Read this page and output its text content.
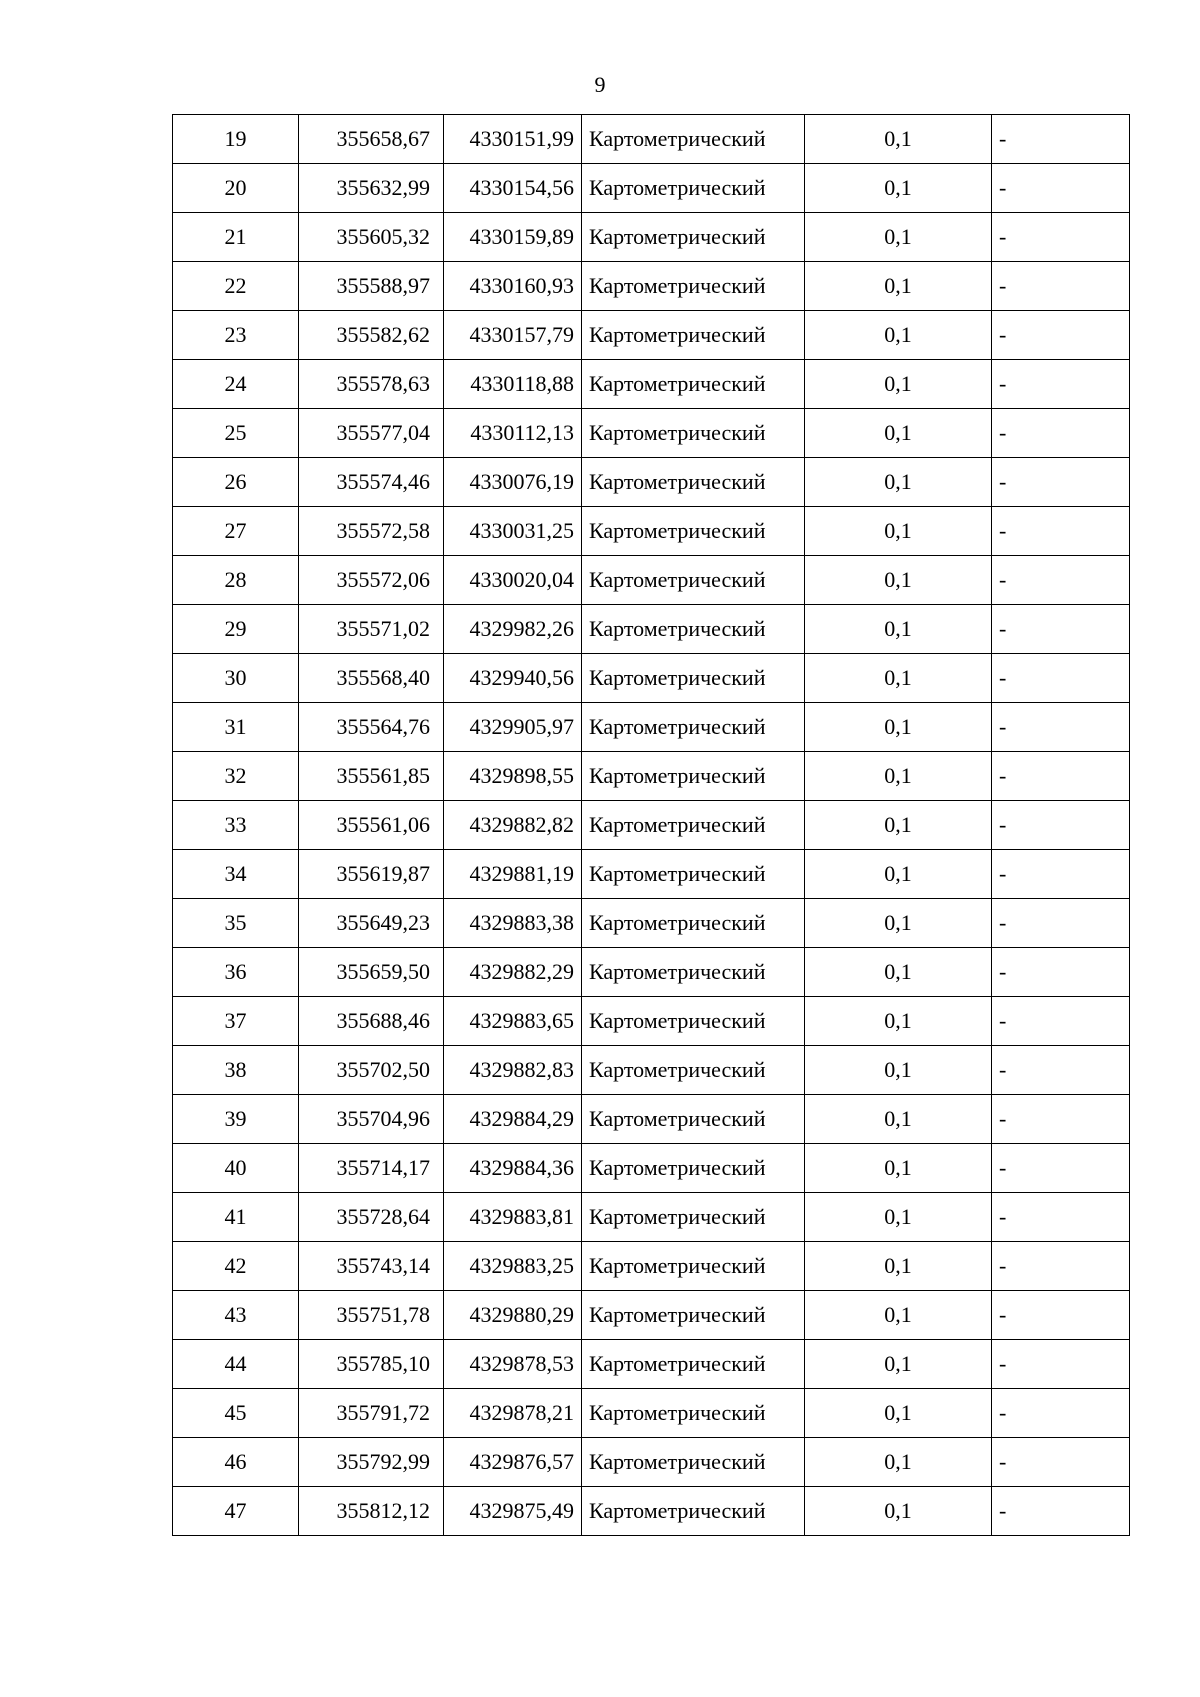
9
19	355658,67	4330151,99	Картометрический	0,1	-
20	355632,99	4330154,56	Картометрический	0,1	-
21	355605,32	4330159,89	Картометрический	0,1	-
22	355588,97	4330160,93	Картометрический	0,1	-
23	355582,62	4330157,79	Картометрический	0,1	-
24	355578,63	4330118,88	Картометрический	0,1	-
25	355577,04	4330112,13	Картометрический	0,1	-
26	355574,46	4330076,19	Картометрический	0,1	-
27	355572,58	4330031,25	Картометрический	0,1	-
28	355572,06	4330020,04	Картометрический	0,1	-
29	355571,02	4329982,26	Картометрический	0,1	-
30	355568,40	4329940,56	Картометрический	0,1	-
31	355564,76	4329905,97	Картометрический	0,1	-
32	355561,85	4329898,55	Картометрический	0,1	-
33	355561,06	4329882,82	Картометрический	0,1	-
34	355619,87	4329881,19	Картометрический	0,1	-
35	355649,23	4329883,38	Картометрический	0,1	-
36	355659,50	4329882,29	Картометрический	0,1	-
37	355688,46	4329883,65	Картометрический	0,1	-
38	355702,50	4329882,83	Картометрический	0,1	-
39	355704,96	4329884,29	Картометрический	0,1	-
40	355714,17	4329884,36	Картометрический	0,1	-
41	355728,64	4329883,81	Картометрический	0,1	-
42	355743,14	4329883,25	Картометрический	0,1	-
43	355751,78	4329880,29	Картометрический	0,1	-
44	355785,10	4329878,53	Картометрический	0,1	-
45	355791,72	4329878,21	Картометрический	0,1	-
46	355792,99	4329876,57	Картометрический	0,1	-
47	355812,12	4329875,49	Картометрический	0,1	-
